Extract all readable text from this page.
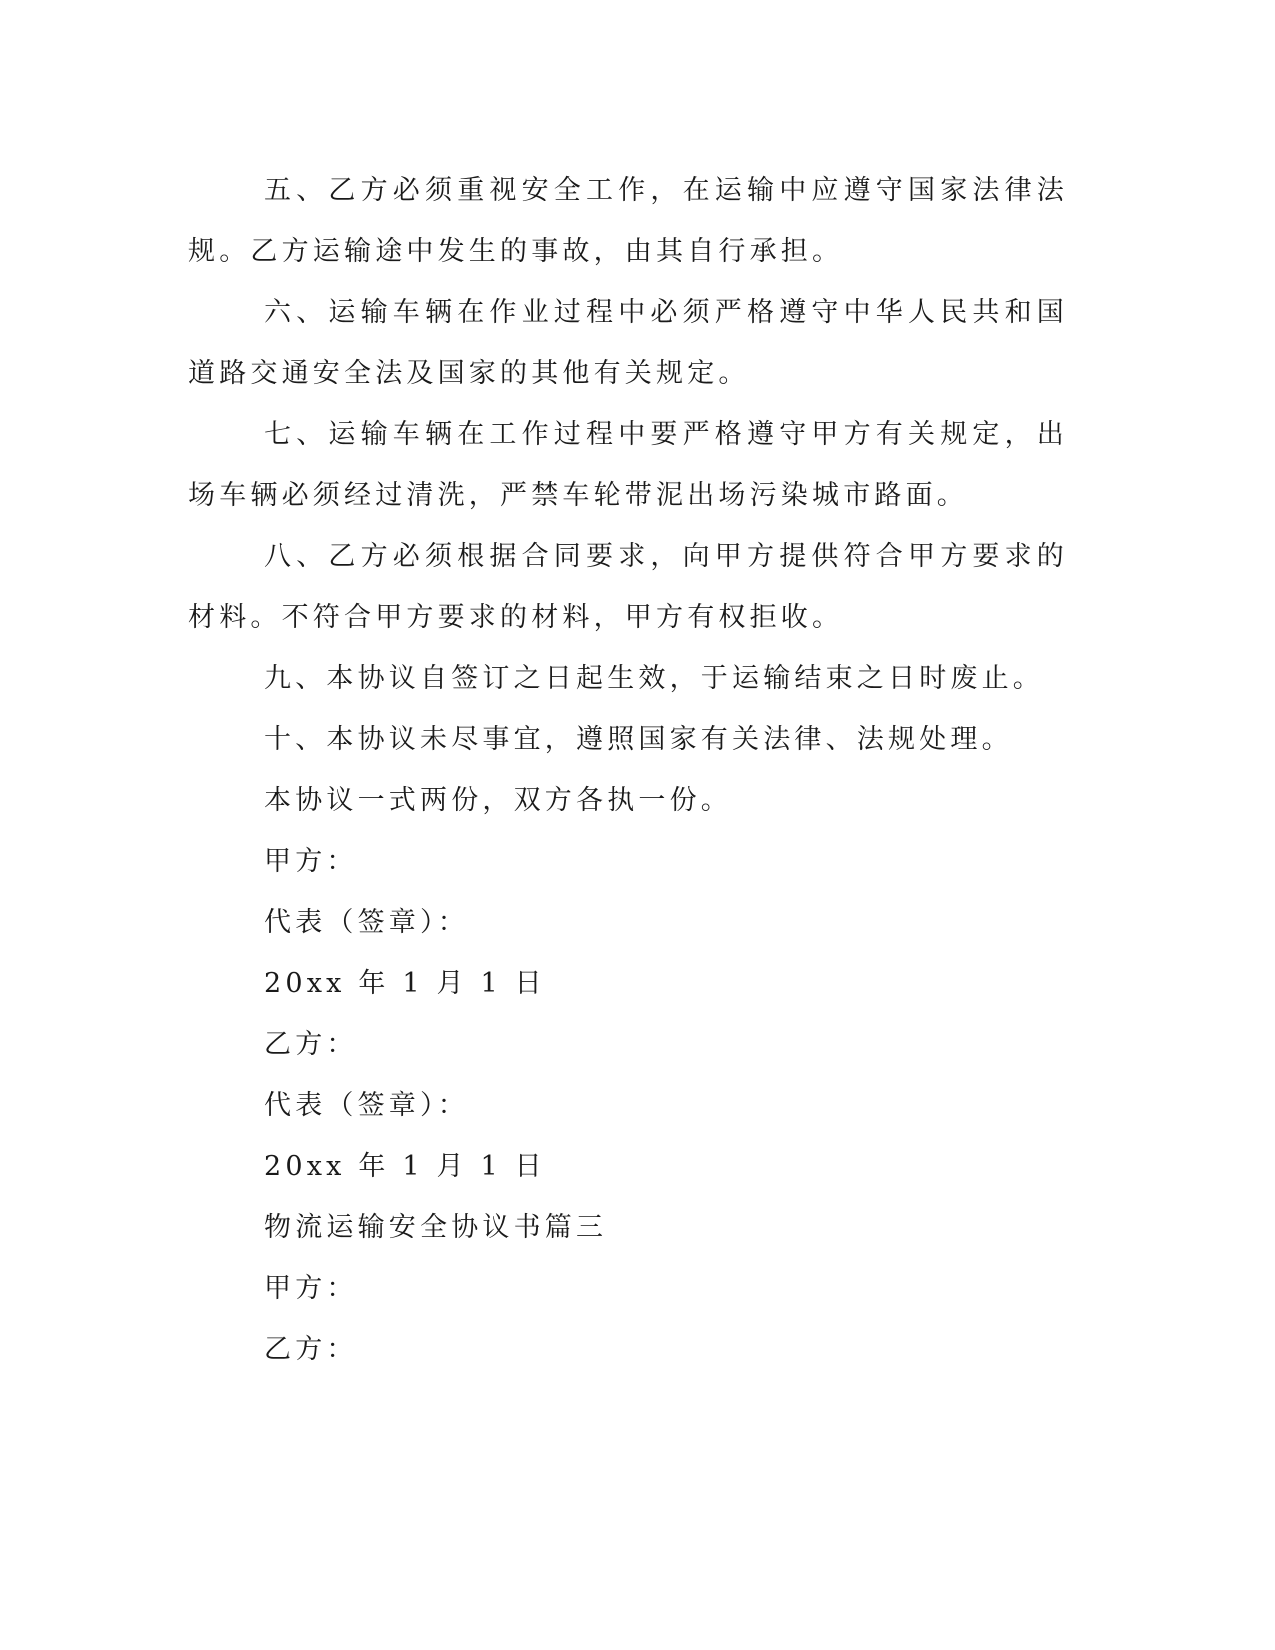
五、乙方必须重视安全工作，在运输中应遵守国家法律法规。乙方运输途中发生的事故，由其自行承担。

六、运输车辆在作业过程中必须严格遵守中华人民共和国道路交通安全法及国家的其他有关规定。

七、运输车辆在工作过程中要严格遵守甲方有关规定，出场车辆必须经过清洗，严禁车轮带泥出场污染城市路面。

八、乙方必须根据合同要求，向甲方提供符合甲方要求的材料。不符合甲方要求的材料，甲方有权拒收。

九、本协议自签订之日起生效，于运输结束之日时废止。

十、本协议未尽事宜，遵照国家有关法律、法规处理。

本协议一式两份，双方各执一份。

甲方：

代表（签章）：

20xx 年 1 月 1 日

乙方：

代表（签章）：

20xx 年 1 月 1 日

物流运输安全协议书篇三

甲方：

乙方：
